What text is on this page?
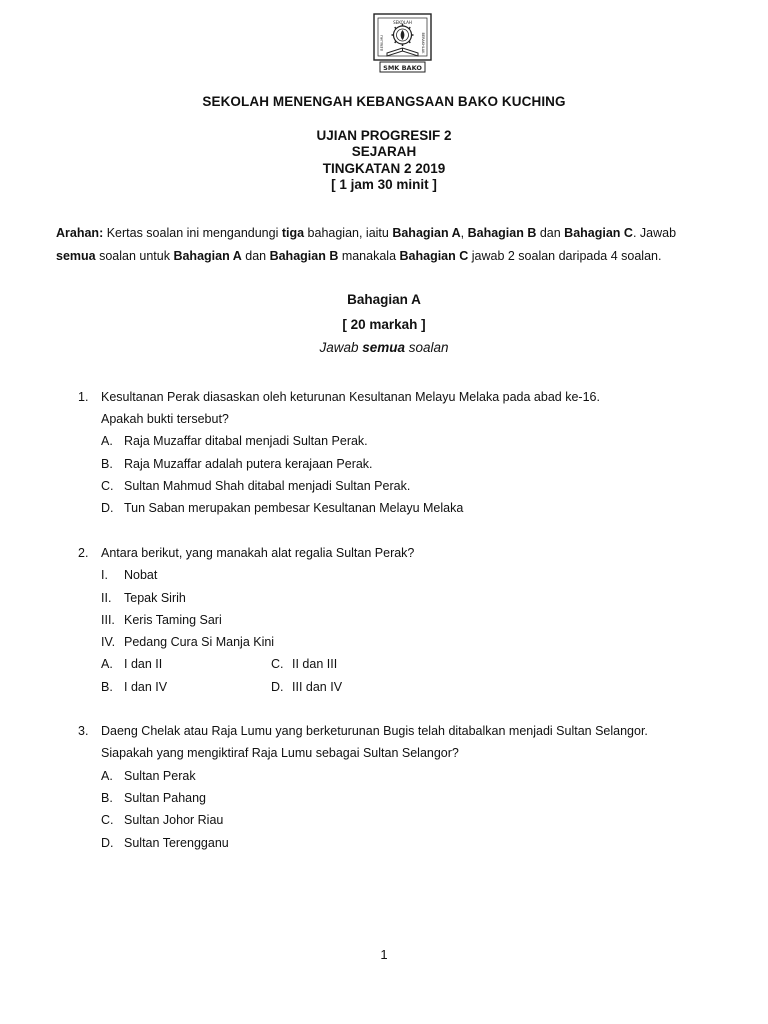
SEKOLAH
BERILMU	BERAKHLAK
SMK BAKO
SEKOLAH MENENGAH KEBANGSAAN BAKO KUCHING
UJIAN PROGRESIF 2
SEJARAH
TINGKATAN 2 2019
[ 1 jam 30 minit ]
Arahan: Kertas soalan ini mengandungi tiga bahagian, iaitu Bahagian A, Bahagian B dan Bahagian C. Jawab
semua soalan untuk Bahagian A dan Bahagian B manakala Bahagian C jawab 2 soalan daripada 4 soalan.
Bahagian A
[ 20 markah ]
Jawab semua soalan
1. Kesultanan Perak diasaskan oleh keturunan Kesultanan Melayu Melaka pada abad ke-16.
Apakah bukti tersebut?
A. Raja Muzaffar ditabal menjadi Sultan Perak.
B. Raja Muzaffar adalah putera kerajaan Perak.
C. Sultan Mahmud Shah ditabal menjadi Sultan Perak.
D. Tun Saban merupakan pembesar Kesultanan Melayu Melaka
2. Antara berikut, yang manakah alat regalia Sultan Perak?
I. Nobat
II. Tepak Sirih
III. Keris Taming Sari
IV. Pedang Cura Si Manja Kini
A. I dan II	C. II dan III
B. I dan IV	D. III dan IV
3. Daeng Chelak atau Raja Lumu yang berketurunan Bugis telah ditabalkan menjadi Sultan Selangor.
Siapakah yang mengiktiraf Raja Lumu sebagai Sultan Selangor?
A. Sultan Perak
B. Sultan Pahang
C. Sultan Johor Riau
D. Sultan Terengganu
1
